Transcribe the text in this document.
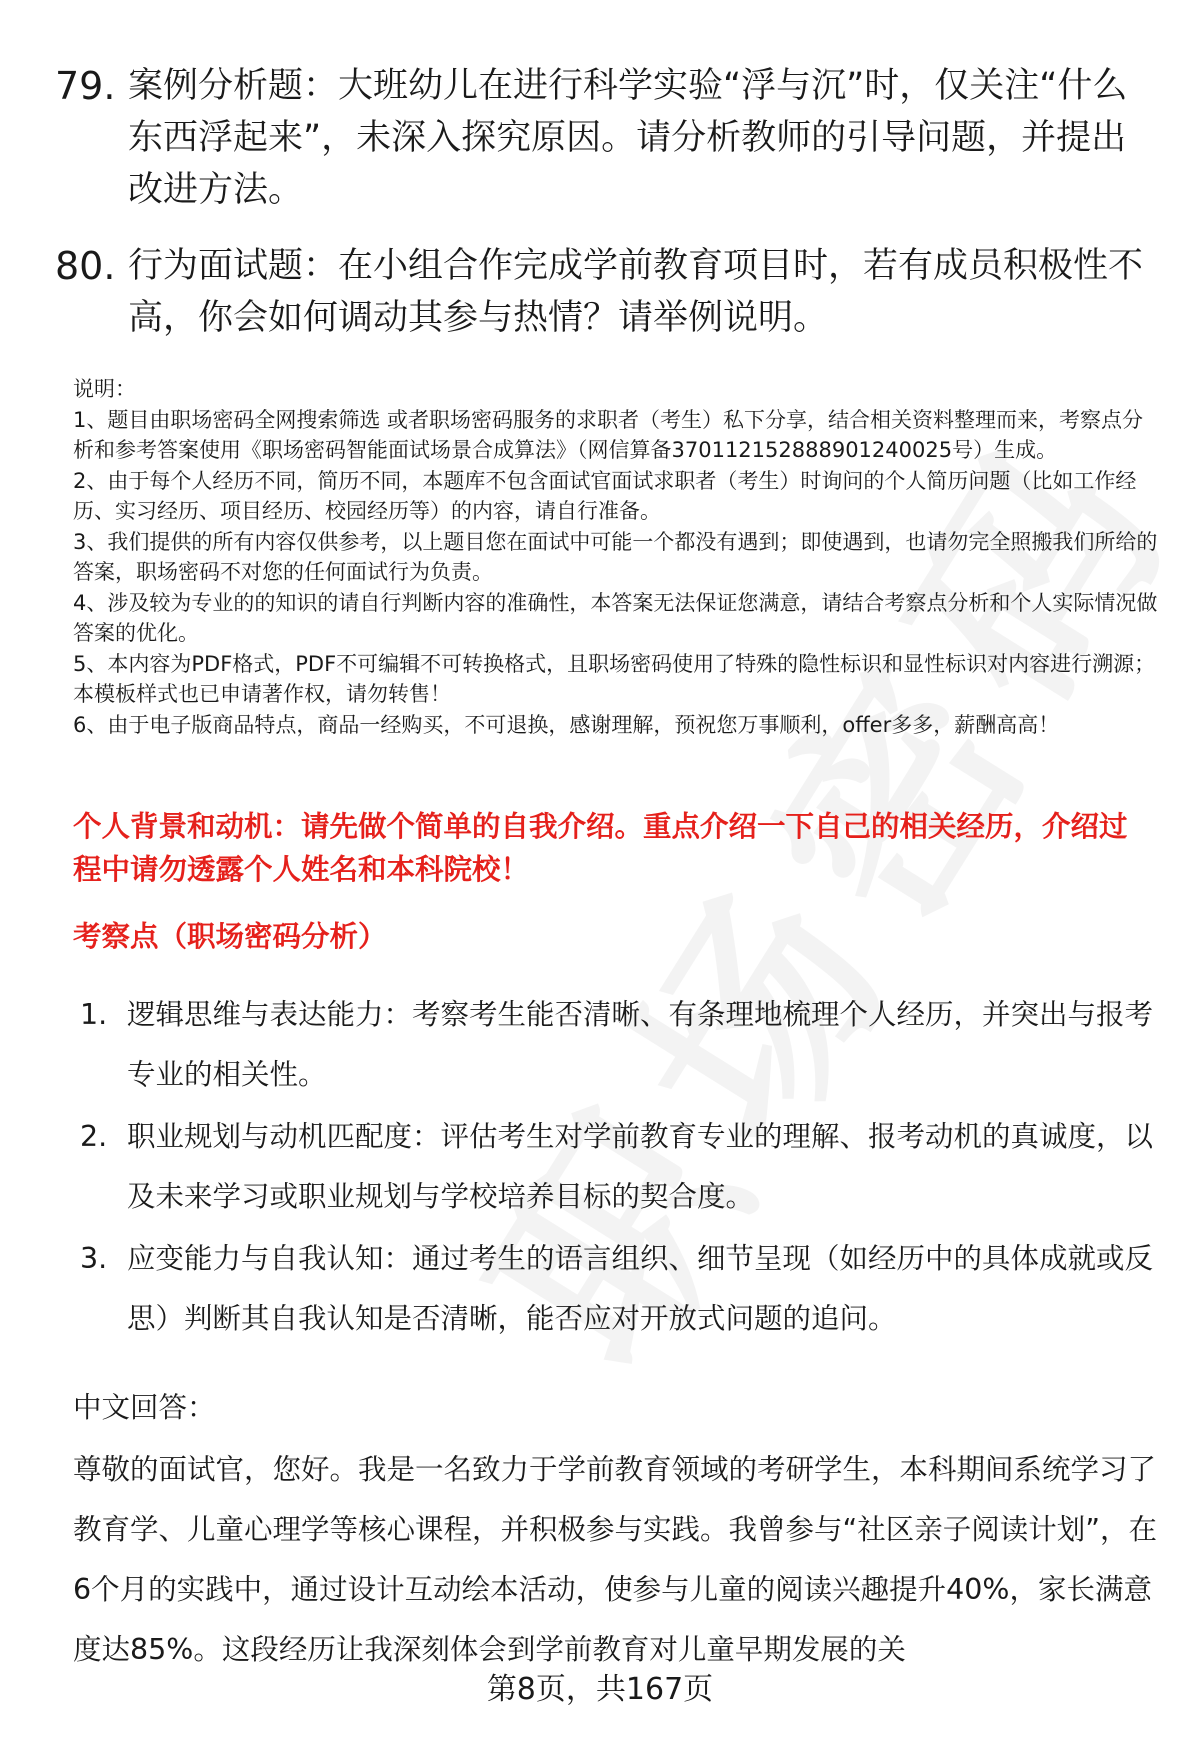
79. 案例分析题：大班幼儿在进行科学实验“浮与沉”时，仅关注“什么东西浮起来”，未深入探究原因。请分析教师的引导问题，并提出改进方法。
80. 行为面试题：在小组合作完成学前教育项目时，若有成员积极性不高，你会如何调动其参与热情？请举例说明。

说明：

1、题目由职场密码全网搜索筛选 或者职场密码服务的求职者（考生）私下分享，结合相关资料整理而来，考察点分析和参考答案使用《职场密码智能面试场景合成算法》（网信算备370112152888901240025号）生成。

2、由于每个人经历不同，简历不同，本题库不包含面试官面试求职者（考生）时询问的个人简历问题（比如工作经历、实习经历、项目经历、校园经历等）的内容，请自行准备。

3、我们提供的所有内容仅供参考，以上题目您在面试中可能一个都没有遇到；即使遇到，也请勿完全照搬我们所给的答案，职场密码不对您的任何面试行为负责。

4、涉及较为专业的的知识的请自行判断内容的准确性，本答案无法保证您满意，请结合考察点分析和个人实际情况做答案的优化。

5、本内容为PDF格式，PDF不可编辑不可转换格式，且职场密码使用了特殊的隐性标识和显性标识对内容进行溯源；本模板样式也已申请著作权，请勿转售！

6、由于电子版商品特点，商品一经购买，不可退换，感谢理解，预祝您万事顺利，offer多多，薪酬高高！

个人背景和动机：请先做个简单的自我介绍。重点介绍一下自己的相关经历，介绍过程中请勿透露个人姓名和本科院校！
考察点（职场密码分析）
1. 逻辑思维与表达能力：考察考生能否清晰、有条理地梳理个人经历，并突出与报考专业的相关性。
2. 职业规划与动机匹配度：评估考生对学前教育专业的理解、报考动机的真诚度，以及未来学习或职业规划与学校培养目标的契合度。
3. 应变能力与自我认知：通过考生的语言组织、细节呈现（如经历中的具体成就或反思）判断其自我认知是否清晰，能否应对开放式问题的追问。
中文回答：

尊敬的面试官，您好。我是一名致力于学前教育领域的考研学生，本科期间系统学习了教育学、儿童心理学等核心课程，并积极参与实践。我曾参与“社区亲子阅读计划”，在6个月的实践中，通过设计互动绘本活动，使参与儿童的阅读兴趣提升40%，家长满意度达85%。这段经历让我深刻体会到学前教育对儿童早期发展的关

第8页，共167页
